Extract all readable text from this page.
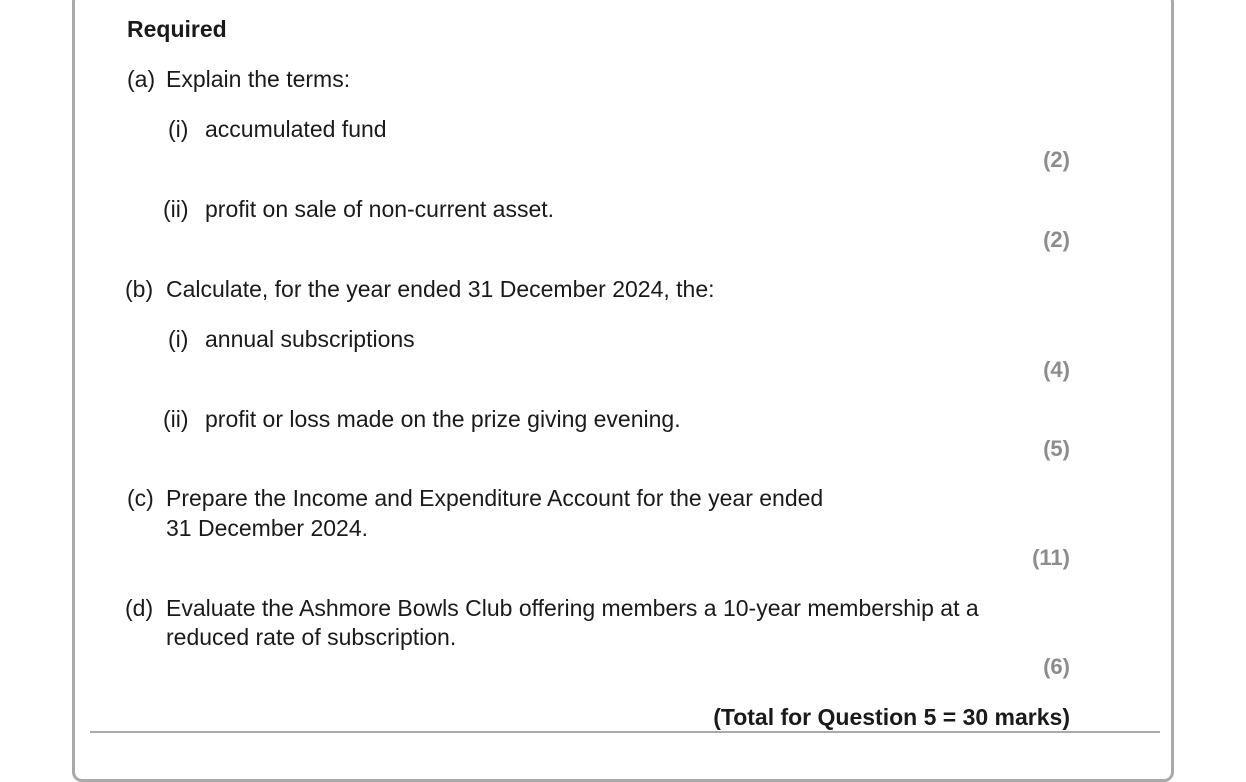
Required
(a) Explain the terms:
(i) accumulated fund
(2)
(ii) profit on sale of non-current asset.
(2)
(b) Calculate, for the year ended 31 December 2024, the:
(i) annual subscriptions
(4)
(ii) profit or loss made on the prize giving evening.
(5)
(c) Prepare the Income and Expenditure Account for the year ended
31 December 2024.
(11)
(d) Evaluate the Ashmore Bowls Club offering members a 10-year membership at a
reduced rate of subscription.
(6)
(Total for Question 5 = 30 marks)
